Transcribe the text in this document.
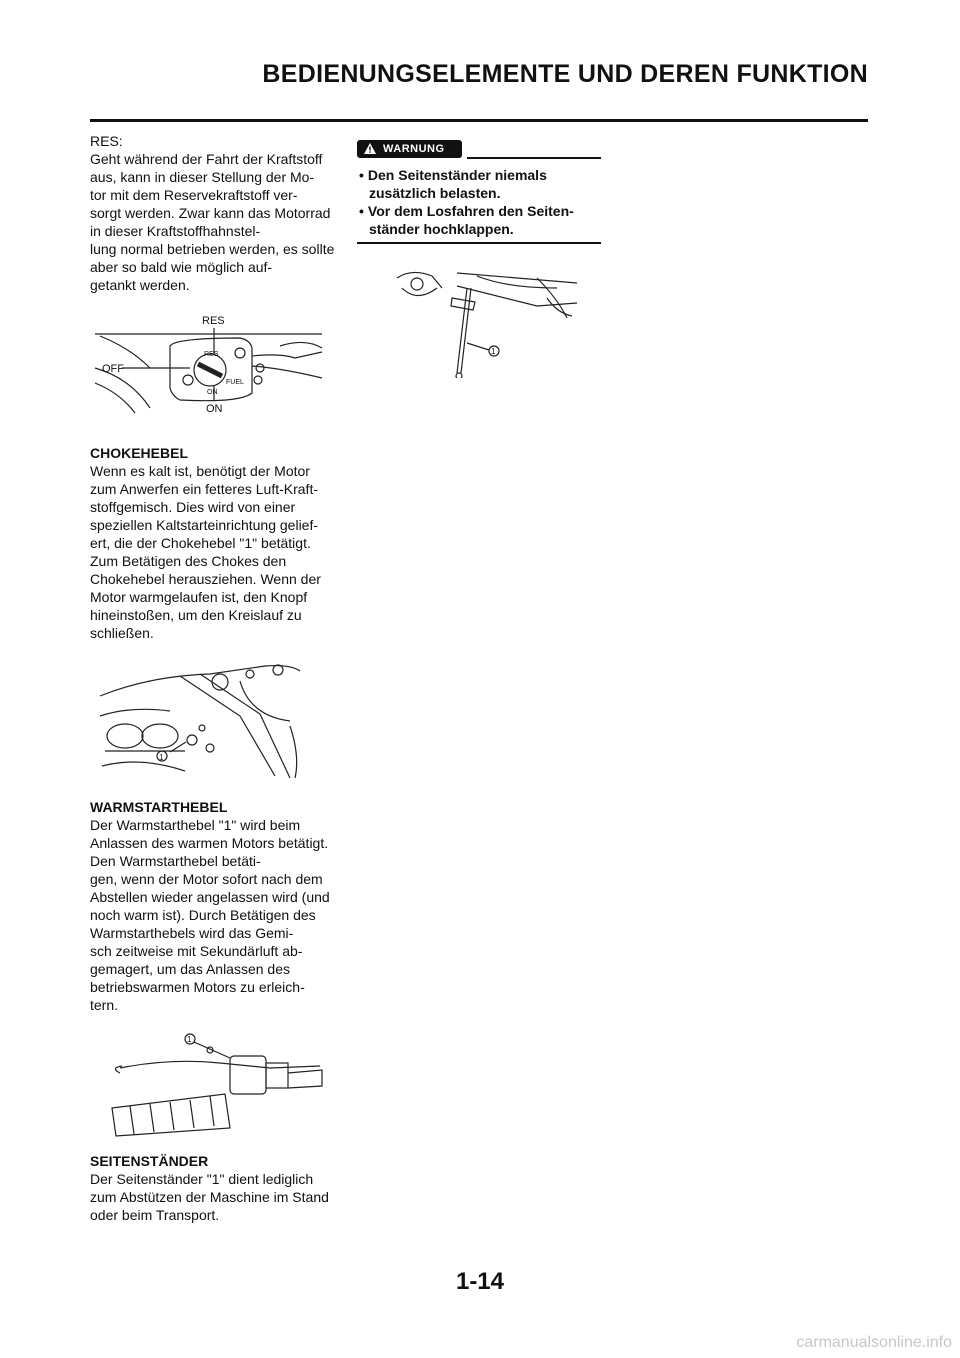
BEDIENUNGSELEMENTE UND DEREN FUNKTION

RES:
Geht während der Fahrt der Kraftstoff aus, kann in dieser Stellung der Mo-
tor mit dem Reservekraftstoff ver-
sorgt werden. Zwar kann das Motorrad in dieser Kraftstoffhahnstel-
lung normal betrieben werden, es sollte aber so bald wie möglich auf-
getankt werden.

RES
OFF
ON
RES
ON
FUEL

CHOKEHEBEL

Wenn es kalt ist, benötigt der Motor zum Anwerfen ein fetteres Luft-Kraft-
stoffgemisch. Dies wird von einer speziellen Kaltstarteinrichtung gelief-
ert, die der Chokehebel "1" betätigt. Zum Betätigen des Chokes den Chokehebel herausziehen. Wenn der Motor warmgelaufen ist, den Knopf hineinstoßen, um den Kreislauf zu schließen.

1

WARMSTARTHEBEL

Der Warmstarthebel "1" wird beim Anlassen des warmen Motors betätigt. Den Warmstarthebel betäti-
gen, wenn der Motor sofort nach dem Abstellen wieder angelassen wird (und noch warm ist). Durch Betätigen des Warmstarthebels wird das Gemi-
sch zeitweise mit Sekundärluft ab-
gemagert, um das Anlassen des betriebswarmen Motors zu erleich-
tern.

1

SEITENSTÄNDER

Der Seitenständer "1" dient lediglich zum Abstützen der Maschine im Stand oder beim Transport.

WARNUNG
• Den Seitenständer niemals zusätzlich belasten.
• Vor dem Losfahren den Seiten-
ständer hochklappen.
1

1-14

carmanualsonline.info
